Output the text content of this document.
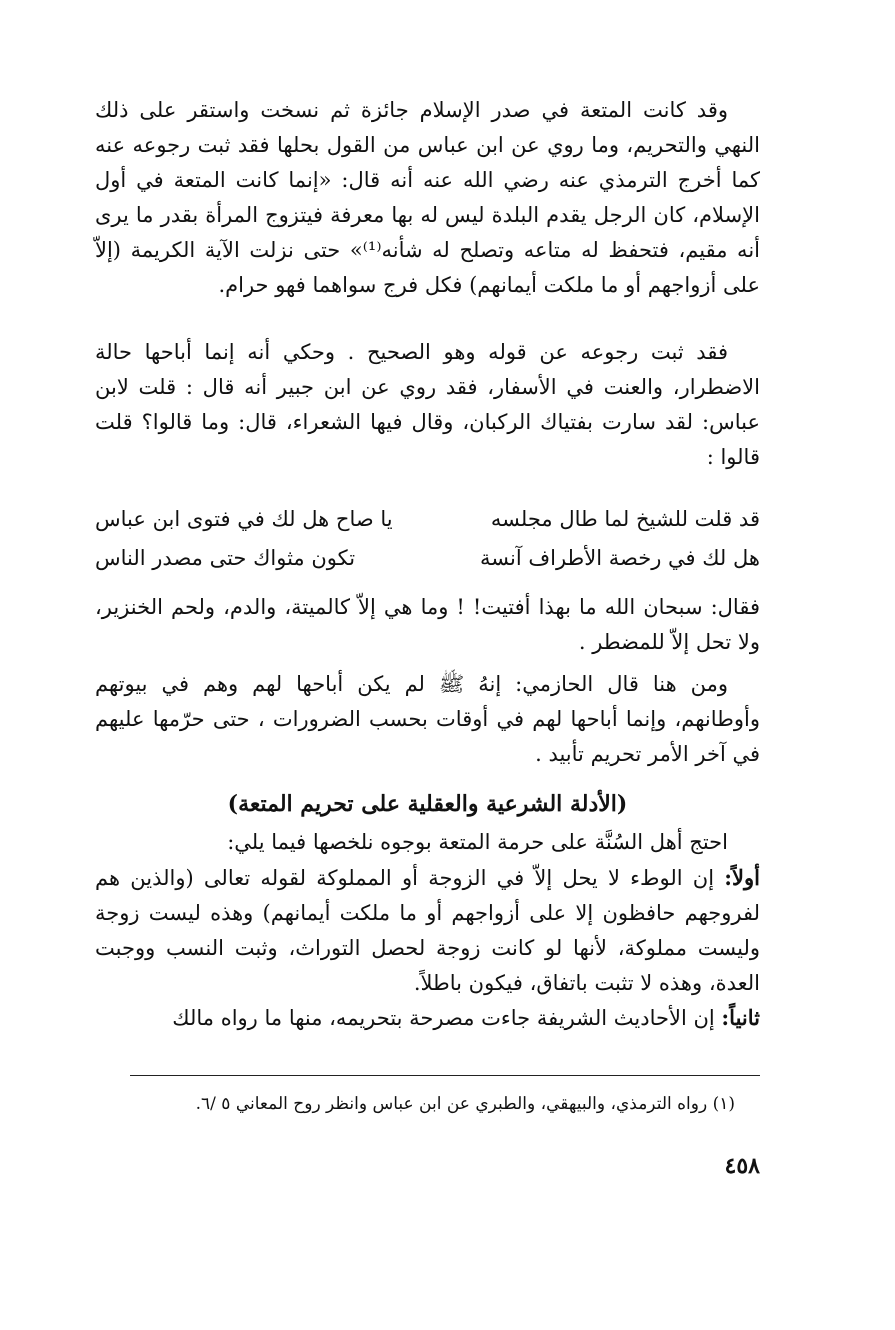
وقد كانت المتعة في صدر الإسلام جائزة ثم نسخت واستقر على ذلك النهي والتحريم، وما روي عن ابن عباس من القول بحلها فقد ثبت رجوعه عنه كما أخرج الترمذي عنه رضي الله عنه أنه قال: «إنما كانت المتعة في أول الإسلام، كان الرجل يقدم البلدة ليس له بها معرفة فيتزوج المرأة بقدر ما يرى أنه مقيم، فتحفظ له متاعه وتصلح له شأنه⁽¹⁾» حتى نزلت الآية الكريمة (إلاّ على أزواجهم أو ما ملكت أيمانهم) فكل فرج سواهما فهو حرام.

فقد ثبت رجوعه عن قوله وهو الصحيح . وحكي أنه إنما أباحها حالة الاضطرار، والعنت في الأسفار، فقد روي عن ابن جبير أنه قال : قلت لابن عباس: لقد سارت بفتياك الركبان، وقال فيها الشعراء، قال: وما قالوا؟ قلت قالوا :

قد قلت للشيخ لما طال مجلسه
يا صاح هل لك في فتوى ابن عباس
هل لك في رخصة الأطراف آنسة
تكون مثواك حتى مصدر الناس

فقال: سبحان الله ما بهذا أفتيت! ! وما هي إلاّ كالميتة، والدم، ولحم الخنزير، ولا تحل إلاّ للمضطر .

ومن هنا قال الحازمي: إنهُ ﷺ لم يكن أباحها لهم وهم في بيوتهم وأوطانهم، وإنما أباحها لهم في أوقات بحسب الضرورات ، حتى حرّمها عليهم في آخر الأمر تحريم تأبيد .

(الأدلة الشرعية والعقلية على تحريم المتعة)
احتج أهل السُنَّة على حرمة المتعة بوجوه نلخصها فيما يلي:
أولاً: إن الوطء لا يحل إلاّ في الزوجة أو المملوكة لقوله تعالى (والذين هم لفروجهم حافظون إلا على أزواجهم أو ما ملكت أيمانهم) وهذه ليست زوجة وليست مملوكة، لأنها لو كانت زوجة لحصل التوراث، وثبت النسب ووجبت العدة، وهذه لا تثبت باتفاق، فيكون باطلاً.
ثانياً: إن الأحاديث الشريفة جاءت مصرحة بتحريمه، منها ما رواه مالك
(١) رواه الترمذي، والبيهقي، والطبري عن ابن عباس وانظر روح المعاني ٥ /٦.
٤٥٨
